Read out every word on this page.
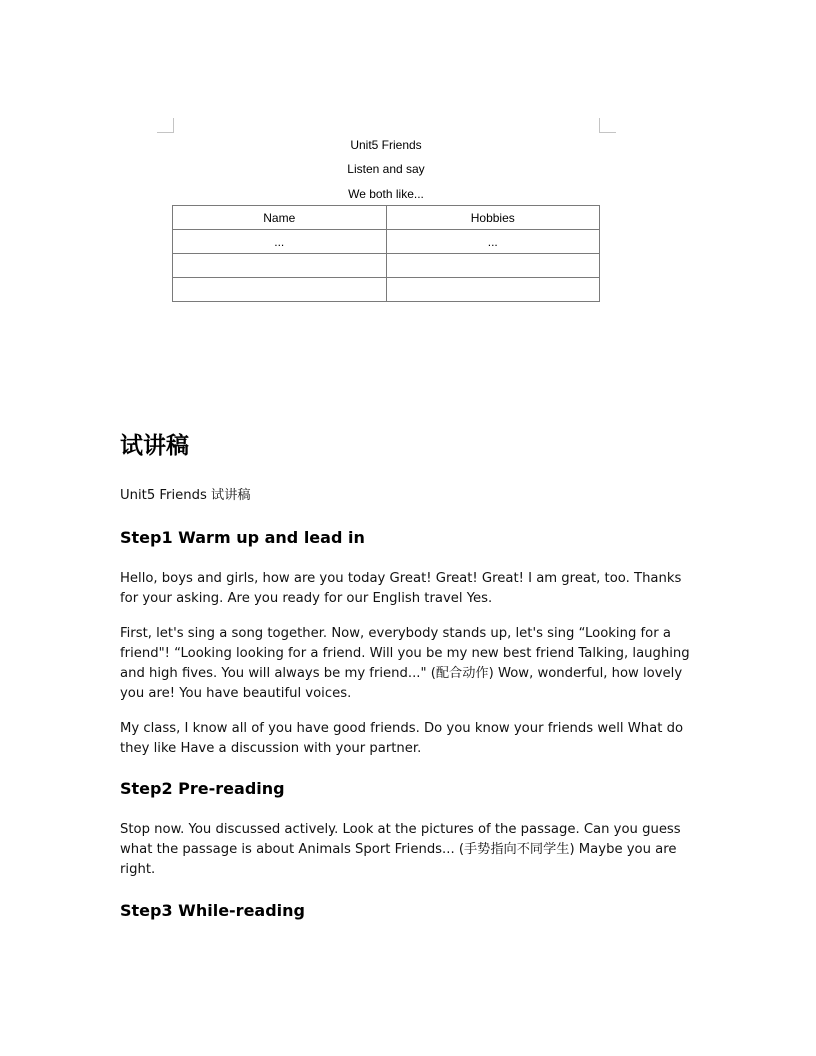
Unit5 Friends
Listen and say
We both like...
Name	Hobbies
...	...

试讲稿

Unit5 Friends 试讲稿

Step1 Warm up and lead in

Hello, boys and girls, how are you today Great! Great! Great! I am great, too. Thanks for your asking. Are you ready for our English travel Yes.

First, let's sing a song together. Now, everybody stands up, let's sing “Looking for a friend"! “Looking looking for a friend. Will you be my new best friend Talking, laughing and high fives. You will always be my friend..." (配合动作) Wow, wonderful, how lovely you are! You have beautiful voices.

My class, I know all of you have good friends. Do you know your friends well What do they like Have a discussion with your partner.

Step2 Pre-reading

Stop now. You discussed actively. Look at the pictures of the passage. Can you guess what the passage is about Animals Sport Friends... (手势指向不同学生) Maybe you are right.

Step3 While-reading
